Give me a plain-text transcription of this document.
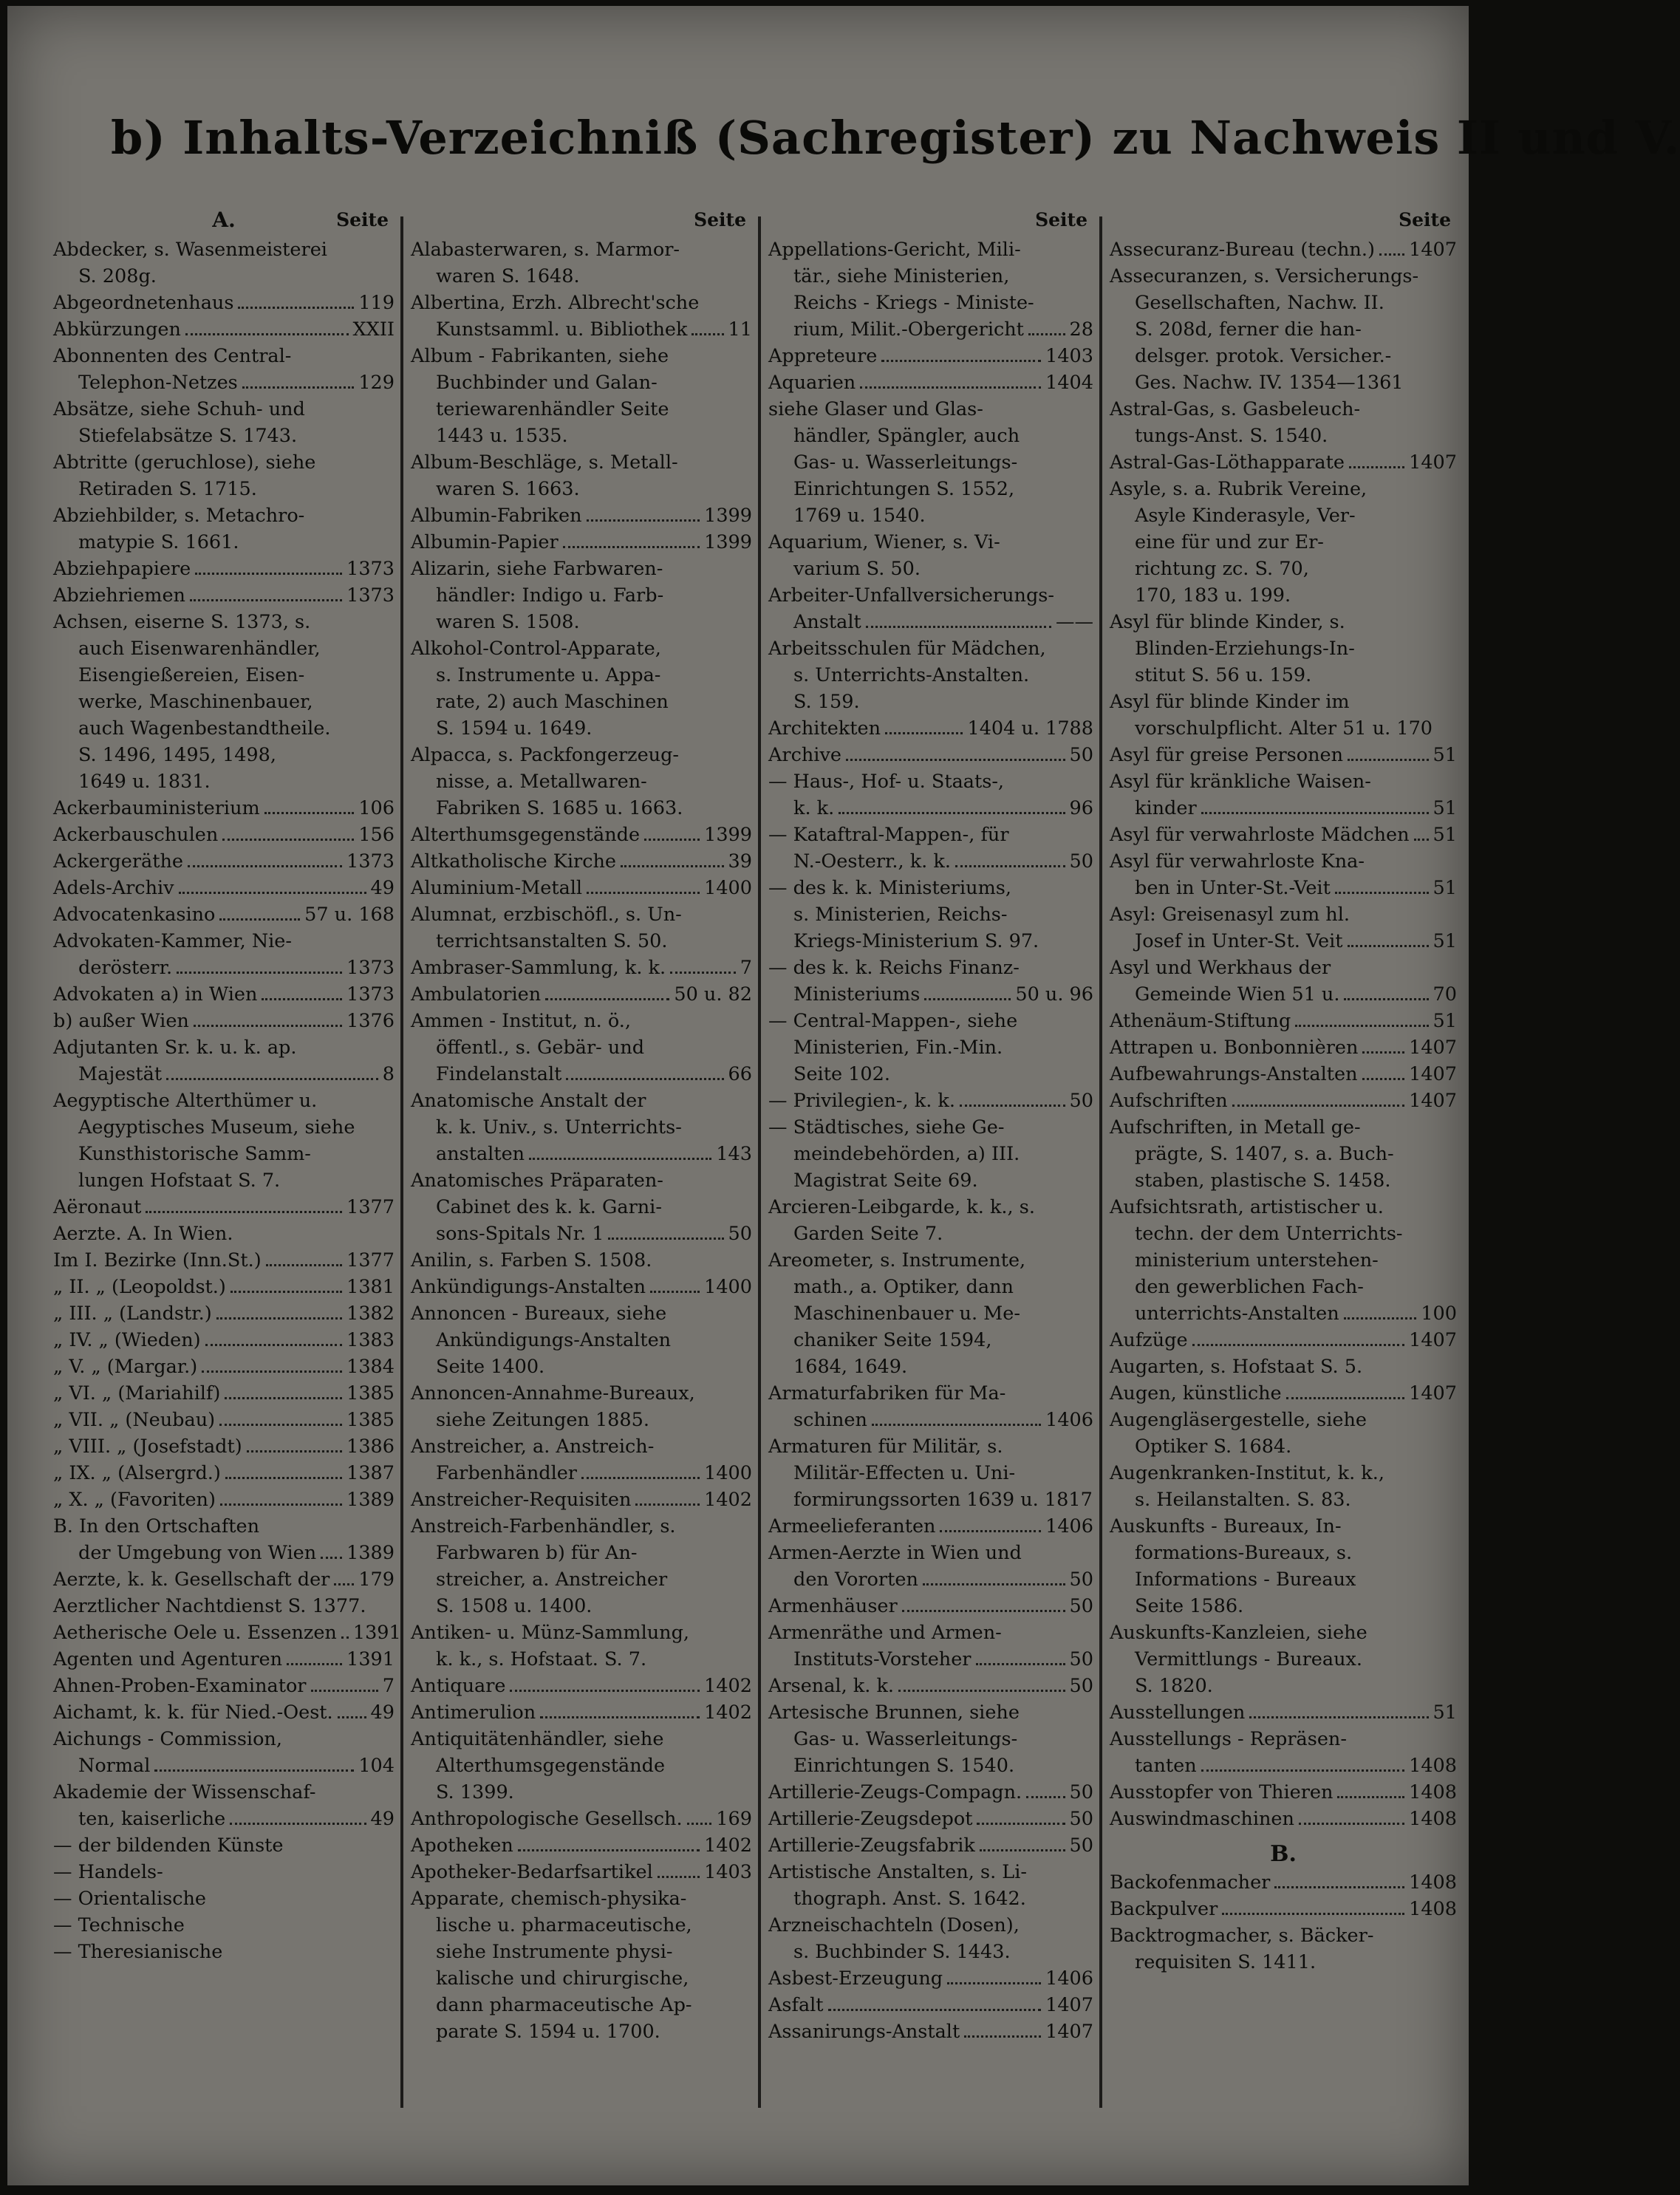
b) Inhalts-Verzeichniß (Sachregister) zu Nachweis II und V.
A.	Seite
Abdecker, s. Wasenmeisterei
S. 208g.
Abgeordnetenhaus	119
Abkürzungen	XXII
Abonnenten des Central-
Telephon-Netzes	129
Absätze, siehe Schuh- und
Stiefelabsätze S. 1743.
Abtritte (geruchlose), siehe
Retiraden S. 1715.
Abziehbilder, s. Metachro-
matypie S. 1661.
Abziehpapiere	1373
Abziehriemen	1373
Achsen, eiserne S. 1373, s.
auch Eisenwarenhändler,
Eisengießereien, Eisen-
werke, Maschinenbauer,
auch Wagenbestandtheile.
S. 1496, 1495, 1498,
1649 u. 1831.
Ackerbauministerium	106
Ackerbauschulen	156
Ackergeräthe	1373
Adels-Archiv	49
Advocatenkasino	57 u. 168
Advokaten-Kammer, Nie-
derösterr.	1373
Advokaten a) in Wien	1373
b) außer Wien	1376
Adjutanten Sr. k. u. k. ap.
Majestät	8
Aegyptische Alterthümer u.
Aegyptisches Museum, siehe
Kunsthistorische Samm-
lungen Hofstaat S. 7.
Aëronaut	1377
Aerzte. A. In Wien.
Im I. Bezirke (Inn.St.)	1377
„ II. „ (Leopoldst.)	1381
„ III. „ (Landstr.)	1382
„ IV. „ (Wieden)	1383
„ V. „ (Margar.)	1384
„ VI. „ (Mariahilf)	1385
„ VII. „ (Neubau)	1385
„ VIII. „ (Josefstadt)	1386
„ IX. „ (Alsergrd.)	1387
„ X. „ (Favoriten)	1389
B. In den Ortschaften
der Umgebung von Wien 1389
Aerzte, k. k. Gesellschaft der 179
Aerztlicher Nachtdienst S. 1377.
Aetherische Oele u. Essenzen 1391
Agenten und Agenturen	1391
Ahnen-Proben-Examinator	7
Aichamt, k. k. für Nied.-Oest. 49
Aichungs - Commission,
Normal	104
Akademie der Wissenschaf-
ten, kaiserliche	49
— der bildenden Künste
— Handels-
— Orientalische
— Technische
— Theresianische
Seite
Alabasterwaren, s. Marmor-
waren S. 1648.
Albertina, Erzh. Albrecht'sche
Kunstsamml. u. Bibliothek 11
Album - Fabrikanten, siehe
Buchbinder und Galan-
teriewarenhändler Seite
1443 u. 1535.
Album-Beschläge, s. Metall-
waren S. 1663.
Albumin-Fabriken	1399
Albumin-Papier	1399
Alizarin, siehe Farbwaren-
händler: Indigo u. Farb-
waren S. 1508.
Alkohol-Control-Apparate,
s. Instrumente u. Appa-
rate, 2) auch Maschinen
S. 1594 u. 1649.
Alpacca, s. Packfongerzeug-
nisse, a. Metallwaren-
Fabriken S. 1685 u. 1663.
Alterthumsgegenstände	1399
Altkatholische Kirche	39
Aluminium-Metall	1400
Alumnat, erzbischöfl., s. Un-
terrichtsanstalten S. 50.
Ambraser-Sammlung, k. k.	7
Ambulatorien	50 u. 82
Ammen - Institut, n. ö.,
öffentl., s. Gebär- und
Findelanstalt	66
Anatomische Anstalt der
k. k. Univ., s. Unterrichts-
anstalten	143
Anatomisches Präparaten-
Cabinet des k. k. Garni-
sons-Spitals Nr. 1	50
Anilin, s. Farben S. 1508.
Ankündigungs-Anstalten	1400
Annoncen - Bureaux, siehe
Ankündigungs-Anstalten
Seite 1400.
Annoncen-Annahme-Bureaux,
siehe Zeitungen 1885.
Anstreicher, a. Anstreich-
Farbenhändler	1400
Anstreicher-Requisiten	1402
Anstreich-Farbenhändler, s.
Farbwaren b) für An-
streicher, a. Anstreicher
S. 1508 u. 1400.
Antiken- u. Münz-Sammlung,
k. k., s. Hofstaat. S. 7.
Antiquare	1402
Antimerulion	1402
Antiquitätenhändler, siehe
Alterthumsgegenstände
S. 1399.
Anthropologische Gesellsch. 169
Apotheken	1402
Apotheker-Bedarfsartikel	1403
Apparate, chemisch-physika-
lische u. pharmaceutische,
siehe Instrumente physi-
kalische und chirurgische,
dann pharmaceutische Ap-
parate S. 1594 u. 1700.
Seite
Appellations-Gericht, Mili-
tär., siehe Ministerien,
Reichs - Kriegs - Ministe-
rium, Milit.-Obergericht 28
Appreteure	1403
Aquarien	1404
siehe Glaser und Glas-
händler, Spängler, auch
Gas- u. Wasserleitungs-
Einrichtungen S. 1552,
1769 u. 1540.
Aquarium, Wiener, s. Vi-
varium S. 50.
Arbeiter-Unfallversicherungs-
Anstalt	——
Arbeitsschulen für Mädchen,
s. Unterrichts-Anstalten.
S. 159.
Architekten	1404 u. 1788
Archive	50
— Haus-, Hof- u. Staats-,
k. k.	96
— Kataftral-Mappen-, für
N.-Oesterr., k. k.	50
— des k. k. Ministeriums,
s. Ministerien, Reichs-
Kriegs-Ministerium S. 97.
— des k. k. Reichs Finanz-
Ministeriums	50 u. 96
— Central-Mappen-, siehe
Ministerien, Fin.-Min.
Seite 102.
— Privilegien-, k. k.	50
— Städtisches, siehe Ge-
meindebehörden, a) III.
Magistrat Seite 69.
Arcieren-Leibgarde, k. k., s.
Garden Seite 7.
Areometer, s. Instrumente,
math., a. Optiker, dann
Maschinenbauer u. Me-
chaniker Seite 1594,
1684, 1649.
Armaturfabriken für Ma-
schinen	1406
Armaturen für Militär, s.
Militär-Effecten u. Uni-
formirungssorten 1639 u. 1817
Armeelieferanten	1406
Armen-Aerzte in Wien und
den Vororten	50
Armenhäuser	50
Armenräthe und Armen-
Instituts-Vorsteher	50
Arsenal, k. k.	50
Artesische Brunnen, siehe
Gas- u. Wasserleitungs-
Einrichtungen S. 1540.
Artillerie-Zeugs-Compagn.	50
Artillerie-Zeugsdepot	50
Artillerie-Zeugsfabrik	50
Artistische Anstalten, s. Li-
thograph. Anst. S. 1642.
Arzneischachteln (Dosen),
s. Buchbinder S. 1443.
Asbest-Erzeugung	1406
Asfalt	1407
Assanirungs-Anstalt	1407
Seite
Assecuranz-Bureau (techn.) 1407
Assecuranzen, s. Versicherungs-
Gesellschaften, Nachw. II.
S. 208d, ferner die han-
delsger. protok. Versicher.-
Ges. Nachw. IV. 1354—1361
Astral-Gas, s. Gasbeleuch-
tungs-Anst. S. 1540.
Astral-Gas-Löthapparate	1407
Asyle, s. a. Rubrik Vereine,
Asyle Kinderasyle, Ver-
eine für und zur Er-
richtung zc. S. 70,
170, 183 u. 199.
Asyl für blinde Kinder, s.
Blinden-Erziehungs-In-
stitut S. 56 u. 159.
Asyl für blinde Kinder im
vorschulpflicht. Alter 51 u. 170
Asyl für greise Personen	51
Asyl für kränkliche Waisen-
kinder	51
Asyl für verwahrloste Mädchen 51
Asyl für verwahrloste Kna-
ben in Unter-St.-Veit	51
Asyl: Greisenasyl zum hl.
Josef in Unter-St. Veit	51
Asyl und Werkhaus der
Gemeinde Wien 51 u.	70
Athenäum-Stiftung	51
Attrapen u. Bonbonnièren	1407
Aufbewahrungs-Anstalten	1407
Aufschriften	1407
Aufschriften, in Metall ge-
prägte, S. 1407, s. a. Buch-
staben, plastische S. 1458.
Aufsichtsrath, artistischer u.
techn. der dem Unterrichts-
ministerium unterstehen-
den gewerblichen Fach-
unterrichts-Anstalten	100
Aufzüge	1407
Augarten, s. Hofstaat S. 5.
Augen, künstliche	1407
Augengläsergestelle, siehe
Optiker S. 1684.
Augenkranken-Institut, k. k.,
s. Heilanstalten. S. 83.
Auskunfts - Bureaux, In-
formations-Bureaux, s.
Informations - Bureaux
Seite 1586.
Auskunfts-Kanzleien, siehe
Vermittlungs - Bureaux.
S. 1820.
Ausstellungen	51
Ausstellungs - Repräsen-
tanten	1408
Ausstopfer von Thieren	1408
Auswindmaschinen	1408
B.
Backofenmacher	1408
Backpulver	1408
Backtrogmacher, s. Bäcker-
requisiten S. 1411.
